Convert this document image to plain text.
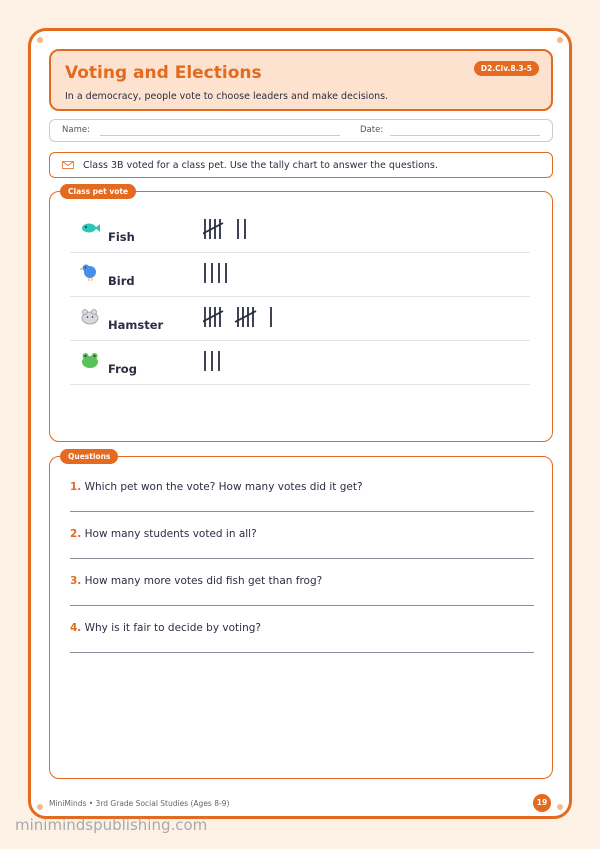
Voting and Elections
In a democracy, people vote to choose leaders and make decisions.
D2.Civ.8.3-5
Name:	Date:
Class 3B voted for a class pet. Use the tally chart to answer the questions.
Class pet vote
Fish
Bird
Hamster
Frog
Questions
1. Which pet won the vote? How many votes did it get?
2. How many students voted in all?
3. How many more votes did fish get than frog?
4. Why is it fair to decide by voting?
MiniMinds • 3rd Grade Social Studies (Ages 8-9)	19
minimindspublishing.com
